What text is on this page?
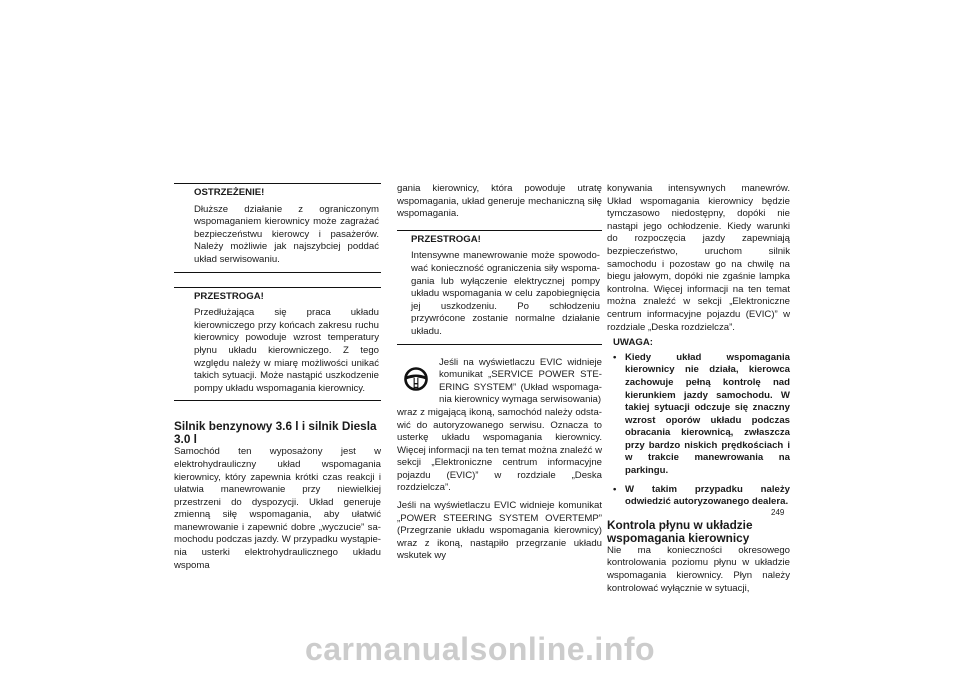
OSTRZEŻENIE!
Dłuższe działanie z ograniczonym wspomaganiem kierownicy może zagrażać bezpieczeństwu kierowcy i pasażerów. Należy możliwie jak najszybciej poddać układ serwisowaniu.
PRZESTROGA!
Przedłużająca się praca układu kierowniczego przy końcach zakresu ruchu kierownicy powoduje wzrost temperatury płynu układu kierowniczego. Z tego względu należy w miarę możliwości unikać takich sytuacji. Może nastąpić uszkodzenie pompy układu wspomagania kierownicy.
Silnik benzynowy 3.6 l i silnik Diesla 3.0 l

Samochód ten wyposażony jest w elektrohydrauliczny układ wspomagania kierownicy, który zapewnia krótki czas reakcji i ułatwia manewrowanie przy niewielkiej przestrzeni do dyspozycji. Układ generuje zmienną siłę wspomagania, aby ułatwić manewrowanie i zapewnić dobre „wyczucie” samochodu podczas jazdy. W przypadku wystąpienia usterki elektrohydraulicznego układu wspoma

gania kierownicy, która powoduje utratę wspomagania, układ generuje mechaniczną siłę wspomagania.

PRZESTROGA!
Intensywne manewrowanie może spowodować konieczność ograniczenia siły wspomagania lub wyłączenie elektrycznej pompy układu wspomagania w celu zapobiegnięcia jej uszkodzeniu. Po schłodzeniu przywrócone zostanie normalne działanie układu.
Jeśli na wyświetlaczu EVIC widnieje komunikat „SERVICE POWER STEERING SYSTEM” (Układ wspomagania kierownicy wymaga serwisowania)

wraz z migającą ikoną, samochód należy odstawić do autoryzowanego serwisu. Oznacza to usterkę układu wspomagania kierownicy. Więcej informacji na ten temat można znaleźć w sekcji „Elektroniczne centrum informacyjne pojazdu (EVIC)” w rozdziale „Deska rozdzielcza”.

Jeśli na wyświetlaczu EVIC widnieje komunikat „POWER STEERING SYSTEM OVERTEMP” (Przegrzanie układu wspomagania kierownicy) wraz z ikoną, nastąpiło przegrzanie układu wskutek wy

konywania intensywnych manewrów. Układ wspomagania kierownicy będzie tymczasowo niedostępny, dopóki nie nastąpi jego ochłodzenie. Kiedy warunki do rozpoczęcia jazdy zapewniają bezpieczeństwo, uruchom silnik samochodu i pozostaw go na chwilę na biegu jałowym, dopóki nie zgaśnie lampka kontrolna. Więcej informacji na ten temat można znaleźć w sekcji „Elektroniczne centrum informacyjne pojazdu (EVIC)” w rozdziale „Deska rozdzielcza”.

UWAGA:
• Kiedy układ wspomagania kierownicy nie działa, kierowca zachowuje pełną kontrolę nad kierunkiem jazdy samochodu. W takiej sytuacji odczuje się znaczny wzrost oporów układu podczas obracania kierownicą, zwłaszcza przy bardzo niskich prędkościach i w trakcie manewrowania na parkingu.
• W takim przypadku należy odwiedzić autoryzowanego dealera.
Kontrola płynu w układzie wspomagania kierownicy

Nie ma konieczności okresowego kontrolowania poziomu płynu w układzie wspomagania kierownicy. Płyn należy kontrolować wyłącznie w sytuacji,

249
carmanualsonline.info
